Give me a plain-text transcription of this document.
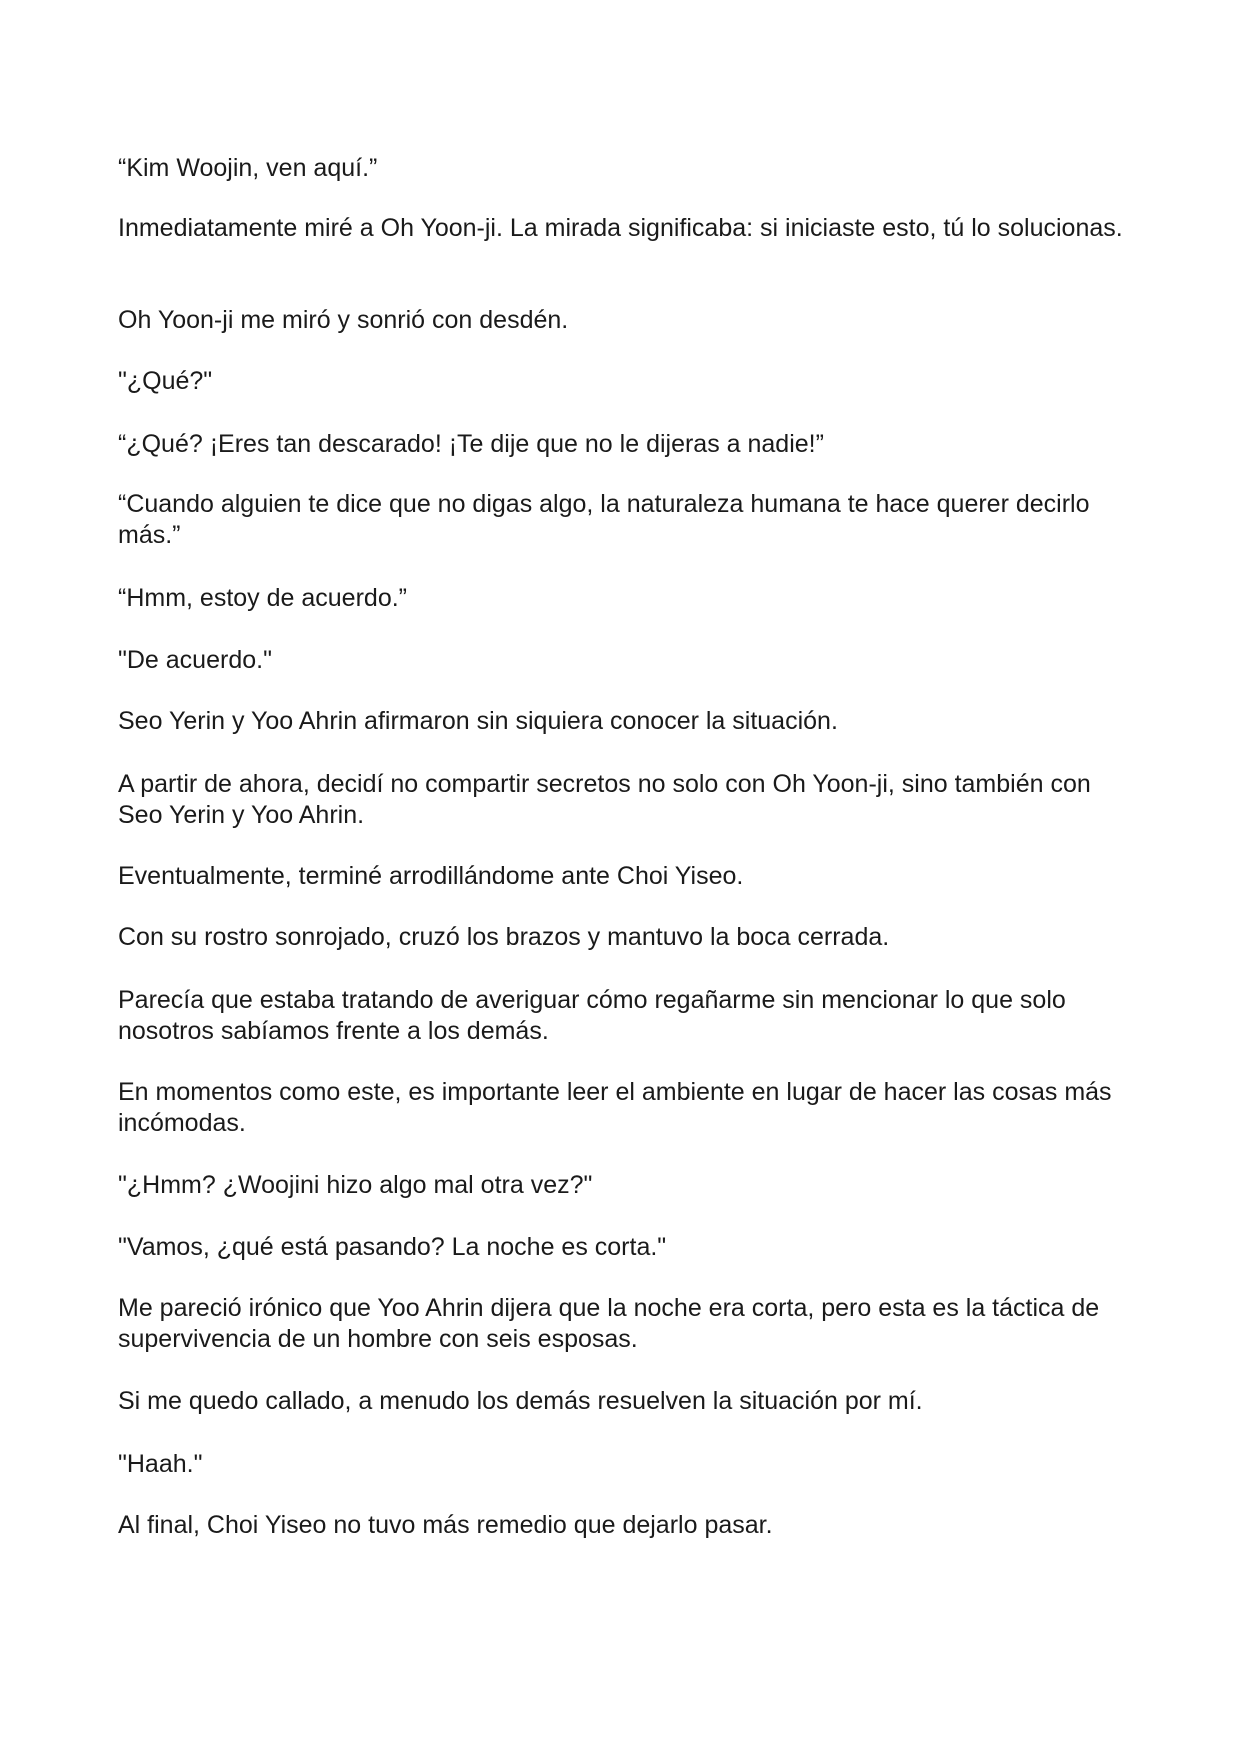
“Kim Woojin, ven aquí.”

Inmediatamente miré a Oh Yoon-ji. La mirada significaba: si iniciaste esto, tú lo solucionas.

Oh Yoon-ji me miró y sonrió con desdén.

"¿Qué?"

“¿Qué? ¡Eres tan descarado! ¡Te dije que no le dijeras a nadie!”

“Cuando alguien te dice que no digas algo, la naturaleza humana te hace querer decirlo más.”

“Hmm, estoy de acuerdo.”

"De acuerdo."

Seo Yerin y Yoo Ahrin afirmaron sin siquiera conocer la situación.

A partir de ahora, decidí no compartir secretos no solo con Oh Yoon-ji, sino también con Seo Yerin y Yoo Ahrin.

Eventualmente, terminé arrodillándome ante Choi Yiseo.

Con su rostro sonrojado, cruzó los brazos y mantuvo la boca cerrada.

Parecía que estaba tratando de averiguar cómo regañarme sin mencionar lo que solo nosotros sabíamos frente a los demás.

En momentos como este, es importante leer el ambiente en lugar de hacer las cosas más incómodas.

"¿Hmm? ¿Woojini hizo algo mal otra vez?"

"Vamos, ¿qué está pasando? La noche es corta."

Me pareció irónico que Yoo Ahrin dijera que la noche era corta, pero esta es la táctica de supervivencia de un hombre con seis esposas.

Si me quedo callado, a menudo los demás resuelven la situación por mí.

"Haah."

Al final, Choi Yiseo no tuvo más remedio que dejarlo pasar.
